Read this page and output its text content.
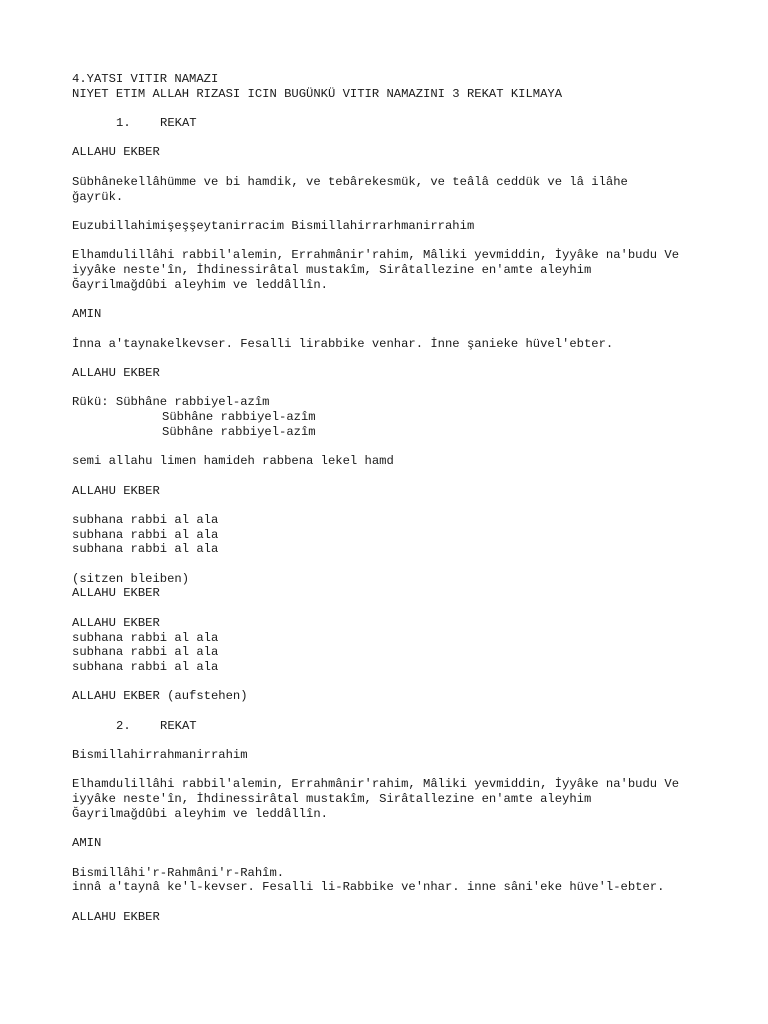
4.YATSI VITIR NAMAZI
NIYET ETIM ALLAH RIZASI ICIN BUGÜNKÜ VITIR NAMAZINI 3 REKAT KILMAYA
1. REKAT
ALLAHU EKBER
Sübhânekellâhümme ve bi hamdik, ve tebârekesmük, ve teâlâ ceddük ve lâ ilâhe
ğayrük.
Euzubillahimişeşşeytanirracim Bismillahirrarhmanirrahim
Elhamdulillâhi rabbil'alemin, Errahmânir'rahim, Mâliki yevmiddin, İyyâke na'budu Ve
iyyâke neste'în, İhdinessirâtal mustakîm, Sirâtallezine en'amte aleyhim
Ğayrilmağdûbi aleyhim ve leddâllîn.
AMIN
İnna a'taynakelkevser. Fesalli lirabbike venhar. İnne şanieke hüvel'ebter.
ALLAHU EKBER
Rükü: Sübhâne rabbiyel-azîm
Sübhâne rabbiyel-azîm
Sübhâne rabbiyel-azîm
semi allahu limen hamideh rabbena lekel hamd
ALLAHU EKBER
subhana rabbi al ala
subhana rabbi al ala
subhana rabbi al ala
(sitzen bleiben)
ALLAHU EKBER
ALLAHU EKBER
subhana rabbi al ala
subhana rabbi al ala
subhana rabbi al ala
ALLAHU EKBER (aufstehen)
2. REKAT
Bismillahirrahmanirrahim
Elhamdulillâhi rabbil'alemin, Errahmânir'rahim, Mâliki yevmiddin, İyyâke na'budu Ve
iyyâke neste'în, İhdinessirâtal mustakîm, Sirâtallezine en'amte aleyhim
Ğayrilmağdûbi aleyhim ve leddâllîn.
AMIN
Bismillâhi'r-Rahmâni'r-Rahîm.
innâ a'taynâ ke'l-kevser. Fesalli li-Rabbike ve'nhar. inne sâni'eke hüve'l-ebter.
ALLAHU EKBER
